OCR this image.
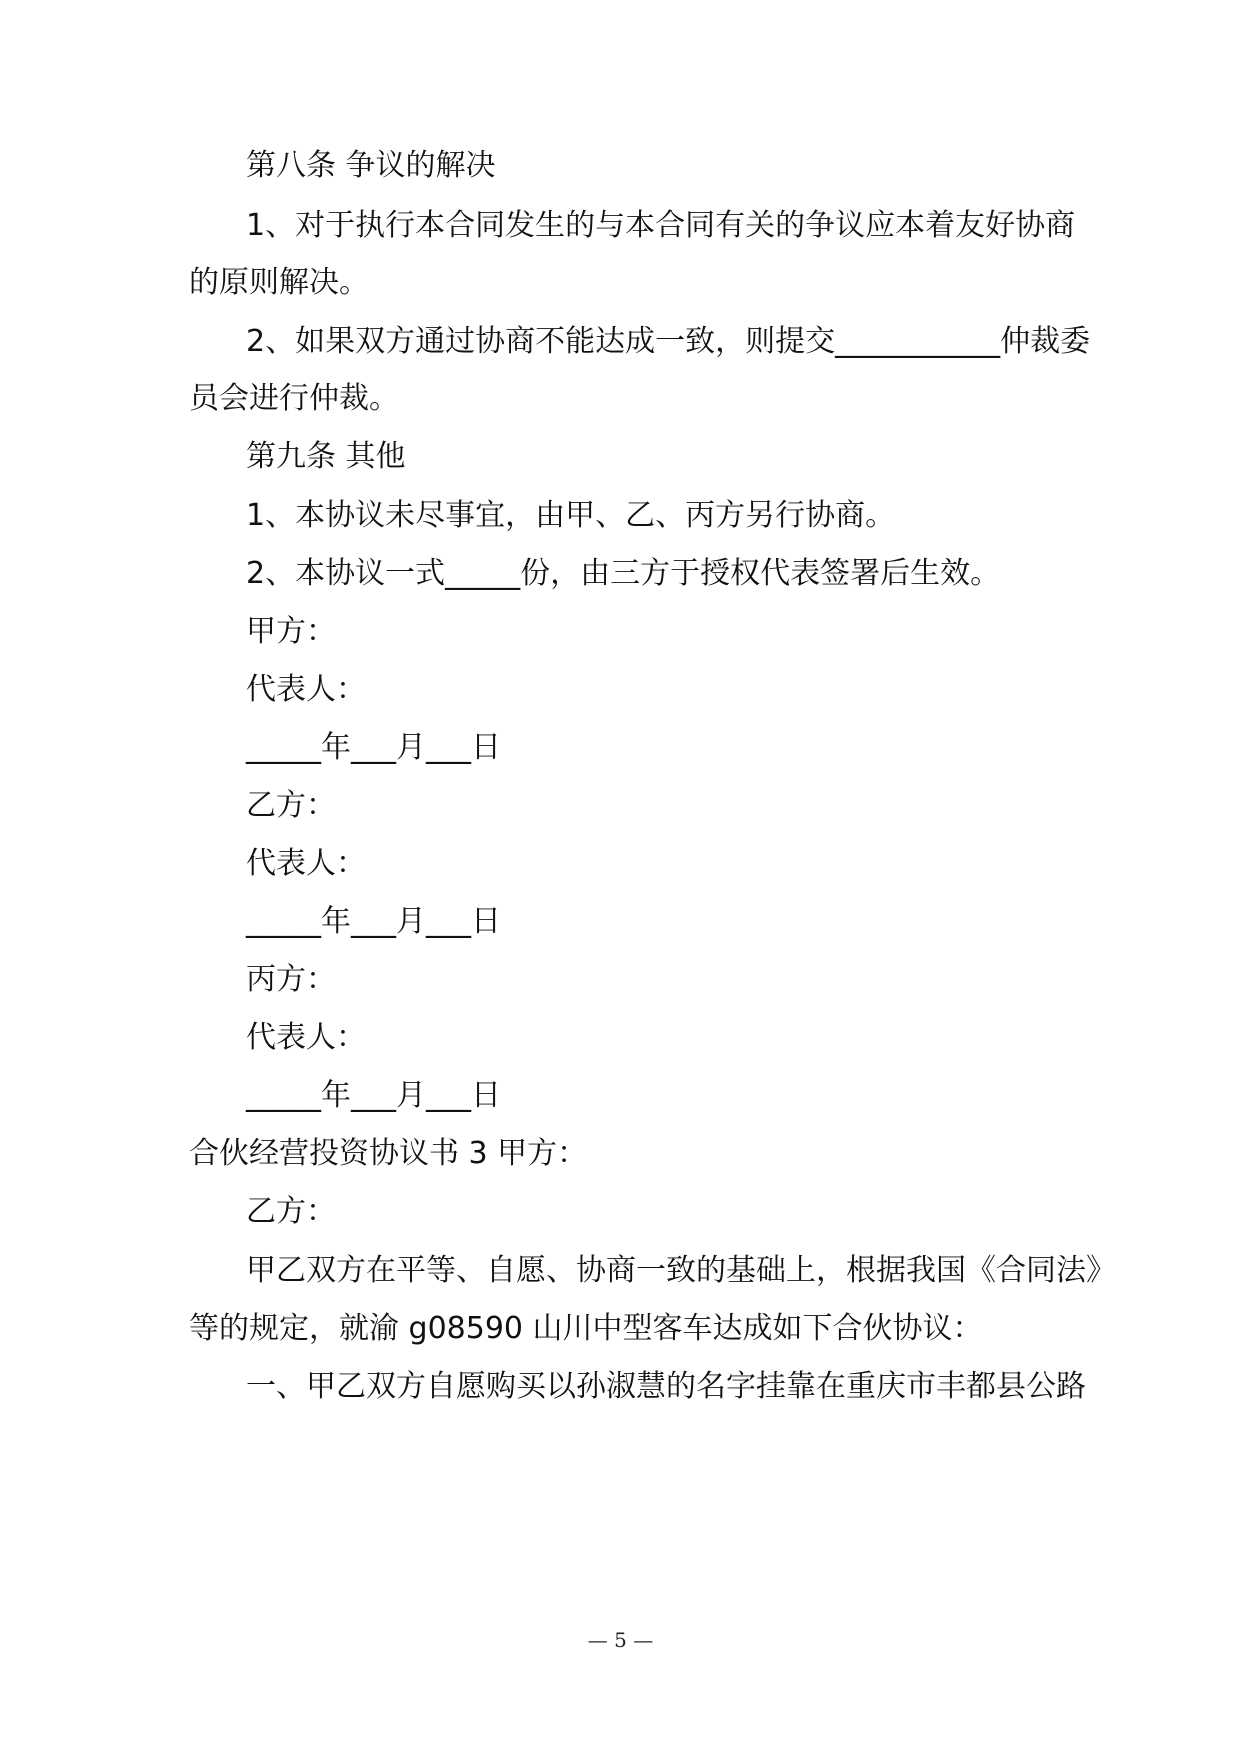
第八条 争议的解决
1、对于执行本合同发生的与本合同有关的争议应本着友好协商
的原则解决。
2、如果双方通过协商不能达成一致，则提交___________仲裁委
员会进行仲裁。
第九条 其他
1、本协议未尽事宜，由甲、乙、丙方另行协商。
2、本协议一式_____份，由三方于授权代表签署后生效。
甲方：
代表人：
_____年___月___日
乙方：
代表人：
_____年___月___日
丙方：
代表人：
_____年___月___日
合伙经营投资协议书 3 甲方：
乙方：
甲乙双方在平等、自愿、协商一致的基础上，根据我国《合同法》
等的规定，就渝 g08590 山川中型客车达成如下合伙协议：
一、甲乙双方自愿购买以孙淑慧的名字挂靠在重庆市丰都县公路
— 5 —
